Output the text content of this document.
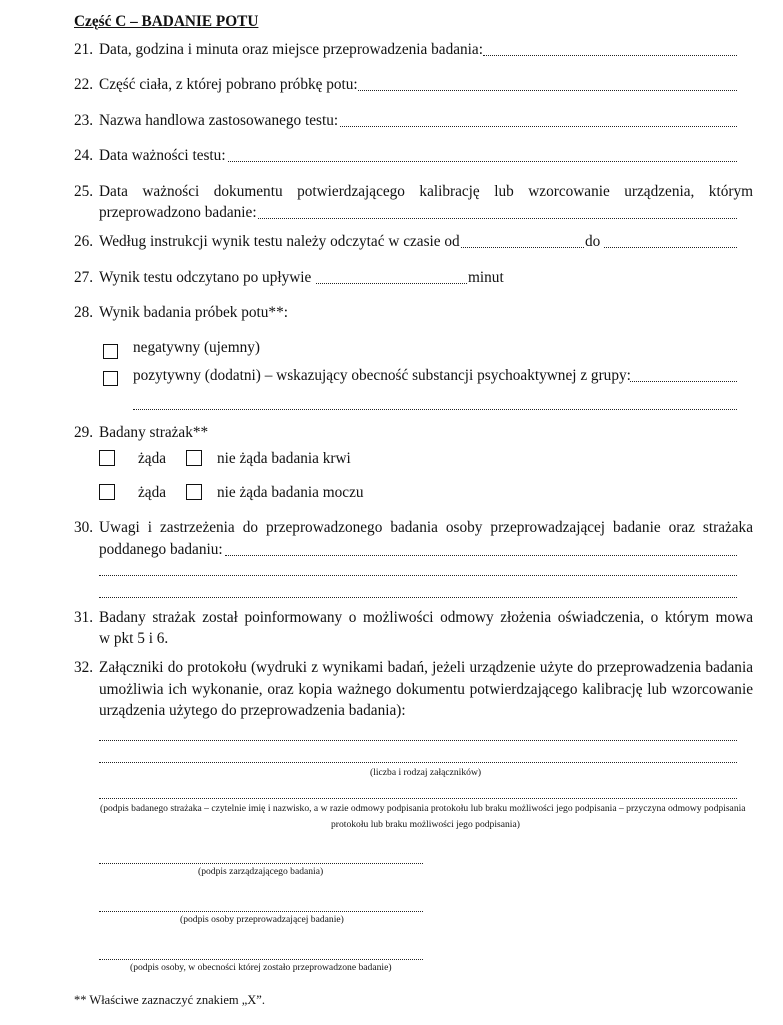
Część C – BADANIE POTU
21. Data, godzina i minuta oraz miejsce przeprowadzenia badania:
22. Część ciała, z której pobrano próbkę potu:
23. Nazwa handlowa zastosowanego testu:
24. Data ważności testu:
25. Data ważności dokumentu potwierdzającego kalibrację lub wzorcowanie urządzenia, którym
przeprowadzono badanie:
26. Według instrukcji wynik testu należy odczytać w czasie od	do
27. Wynik testu odczytano po upływie	minut
28. Wynik badania próbek potu**:
negatywny (ujemny)
pozytywny (dodatni) – wskazujący obecność substancji psychoaktywnej z grupy:
29. Badany strażak**
żąda	nie żąda badania krwi
żąda	nie żąda badania moczu
30. Uwagi i zastrzeżenia do przeprowadzonego badania osoby przeprowadzającej badanie oraz strażaka
poddanego badaniu:
31. Badany strażak został poinformowany o możliwości odmowy złożenia oświadczenia, o którym mowa
w pkt 5 i 6.
32. Załączniki do protokołu (wydruki z wynikami badań, jeżeli urządzenie użyte do przeprowadzenia badania
umożliwia ich wykonanie, oraz kopia ważnego dokumentu potwierdzającego kalibrację lub wzorcowanie
urządzenia użytego do przeprowadzenia badania):
(liczba i rodzaj załączników)
(podpis badanego strażaka – czytelnie imię i nazwisko, a w razie odmowy podpisania protokołu lub braku możliwości jego podpisania – przyczyna odmowy podpisania
protokołu lub braku możliwości jego podpisania)
(podpis zarządzającego badania)
(podpis osoby przeprowadzającej badanie)
(podpis osoby, w obecności której zostało przeprowadzone badanie)
** Właściwe zaznaczyć znakiem „X”.
